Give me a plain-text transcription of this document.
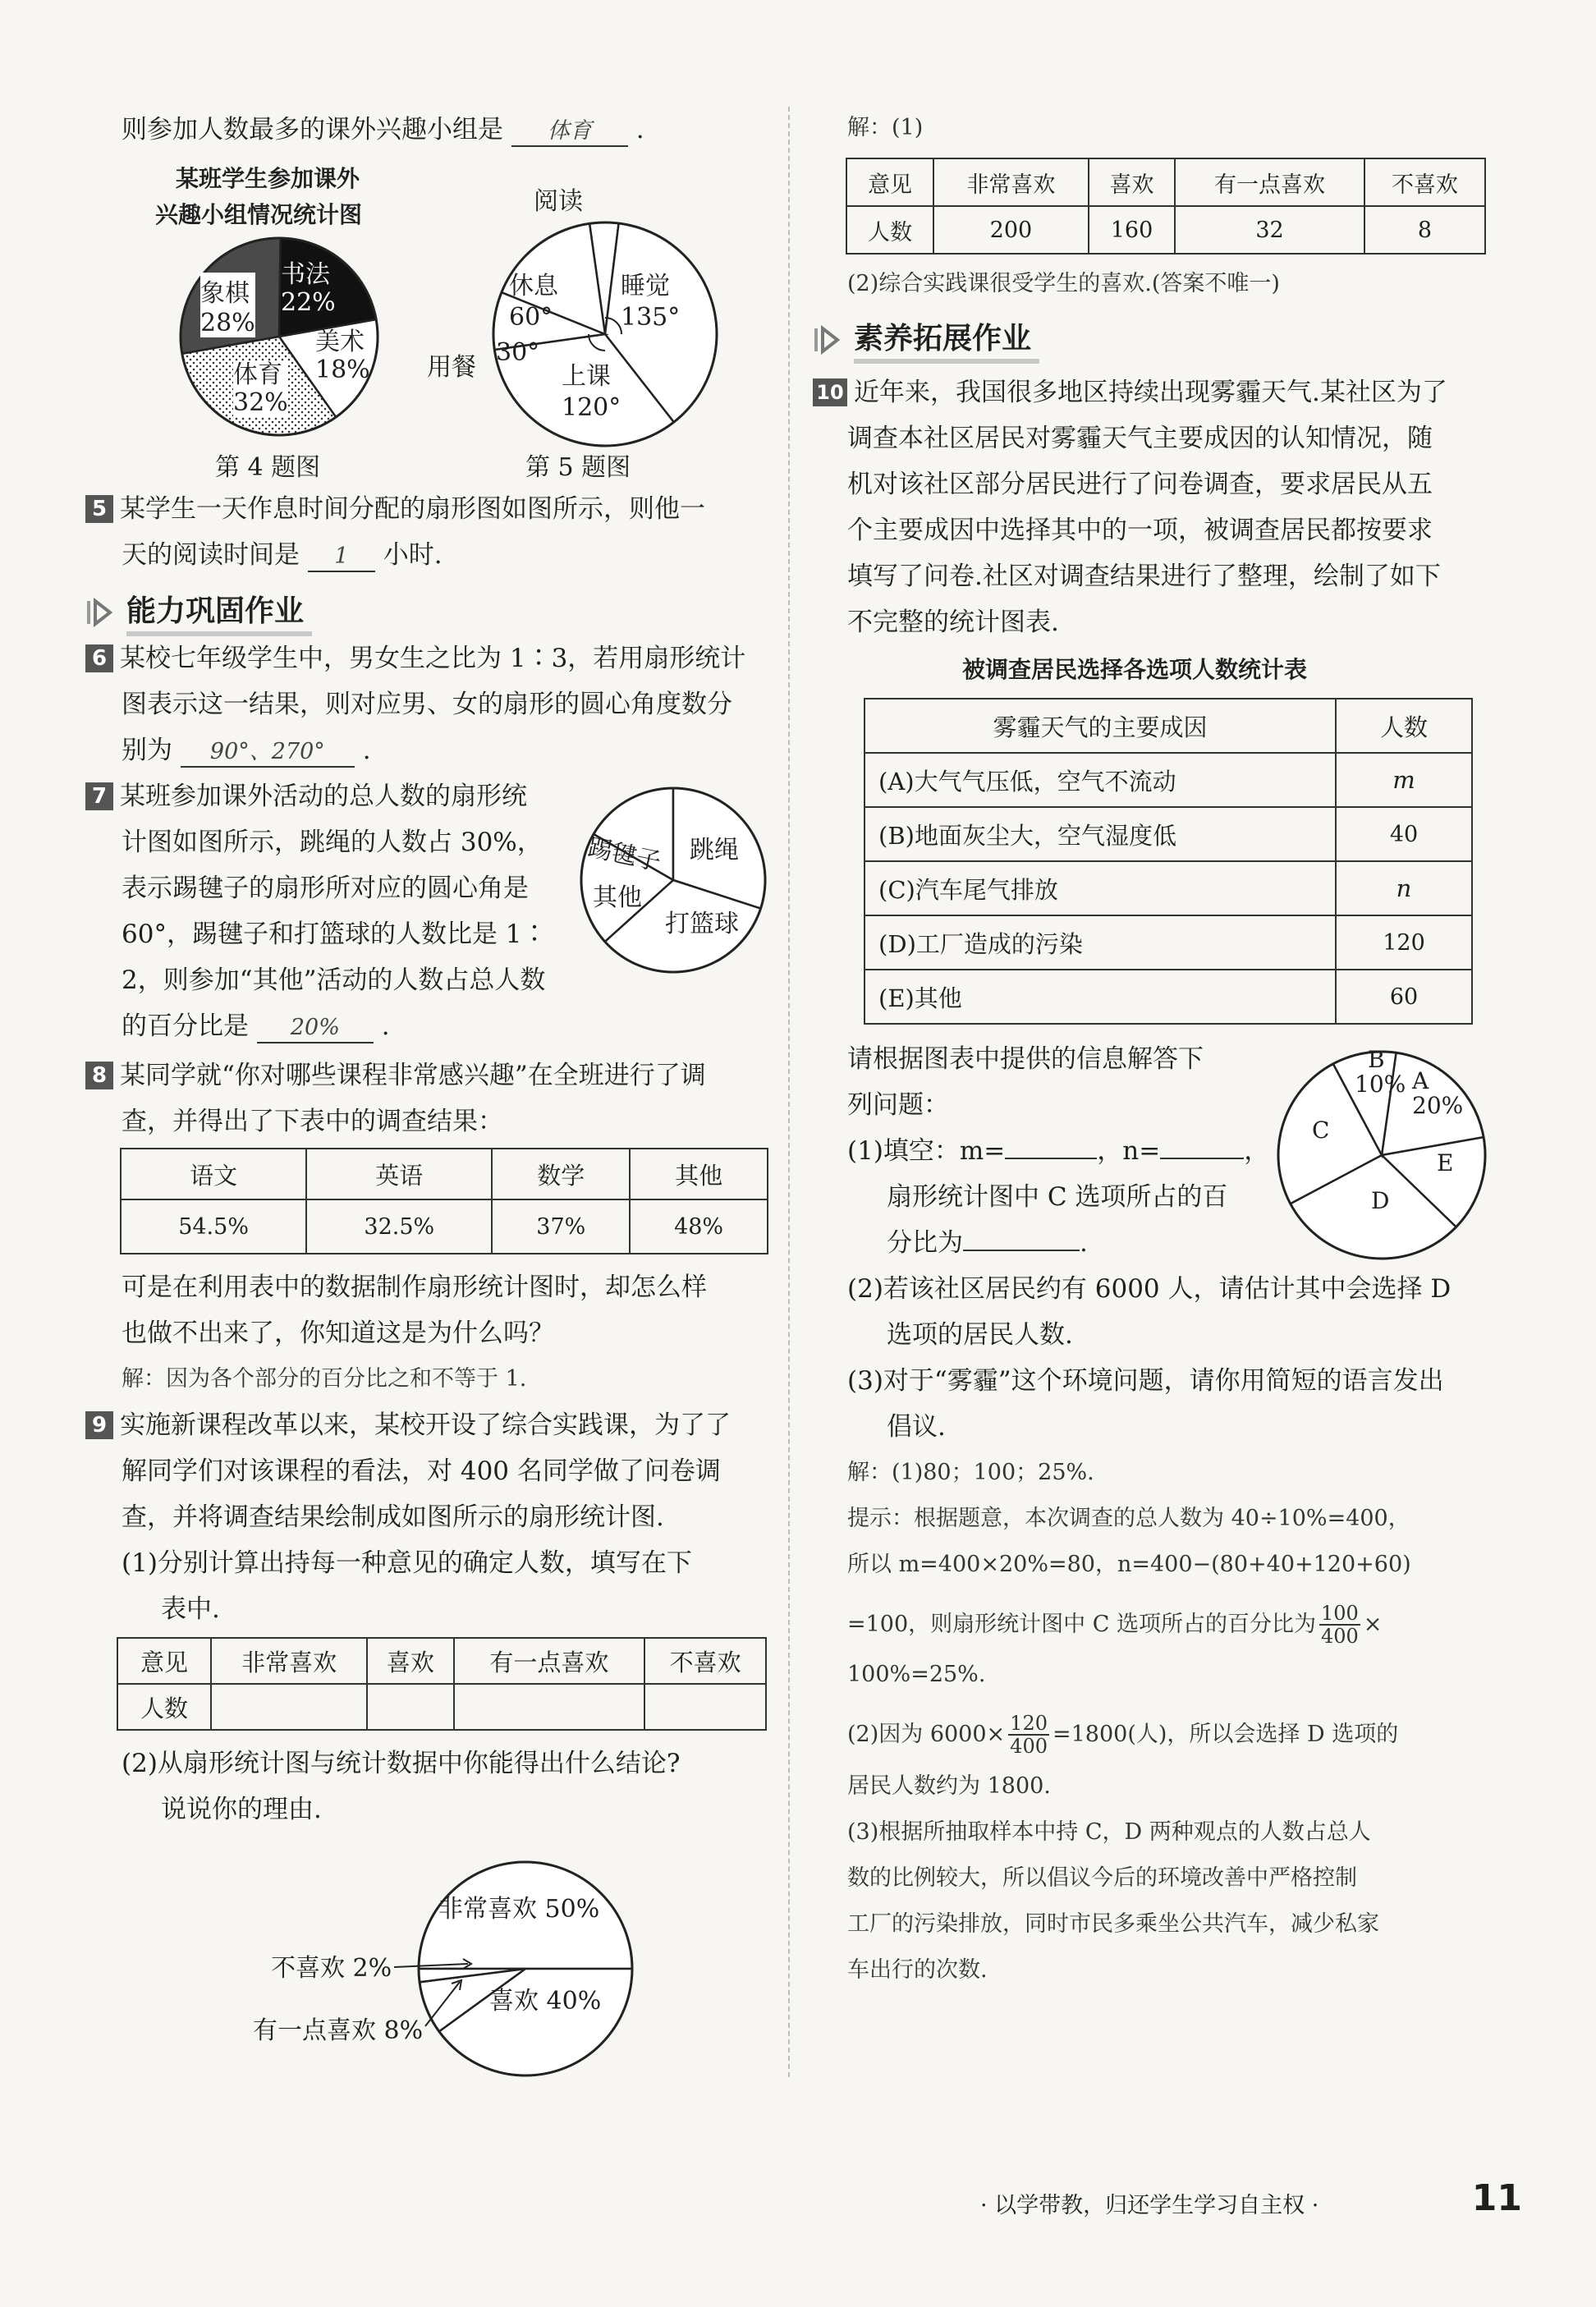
则参加人数最多的课外兴趣小组是 体育 .
某班学生参加课外
兴趣小组情况统计图
象棋
28%
书法
22%
美术
18%
体育
32%
第 4 题图
阅读
睡觉
135°
上课
120°
用餐
30°
休息
60°
第 5 题图
5 某学生一天作息时间分配的扇形图如图所示，则他一
天的阅读时间是 1 小时.
能力巩固作业
6 某校七年级学生中，男女生之比为 1∶3，若用扇形统计
图表示这一结果，则对应男、女的扇形的圆心角度数分
别为 90°、270° .
7 某班参加课外活动的总人数的扇形统
计图如图所示，跳绳的人数占 30%，
表示踢毽子的扇形所对应的圆心角是
60°，踢毽子和打篮球的人数比是 1∶
2，则参加“其他”活动的人数占总人数
的百分比是 20% .
踢毽子 跳绳
打篮球
其他
8 某同学就“你对哪些课程非常感兴趣”在全班进行了调
查，并得出了下表中的调查结果：
语文	英语	数学	其他
54.5%	32.5%	37%	48%
可是在利用表中的数据制作扇形统计图时，却怎么样
也做不出来了，你知道这是为什么吗？
解：因为各个部分的百分比之和不等于 1.
9 实施新课程改革以来，某校开设了综合实践课，为了了
解同学们对该课程的看法，对 400 名同学做了问卷调
查，并将调查结果绘制成如图所示的扇形统计图.
(1)分别计算出持每一种意见的确定人数，填写在下
表中.
意见	非常喜欢	喜欢	有一点喜欢	不喜欢
人数				
(2)从扇形统计图与统计数据中你能得出什么结论?
说说你的理由.
非常喜欢 50%
喜欢 40%
不喜欢 2%
有一点喜欢 8%
解：(1)
意见	非常喜欢	喜欢	有一点喜欢	不喜欢
人数	200	160	32	8
(2)综合实践课很受学生的喜欢.(答案不唯一)
素养拓展作业
10 近年来，我国很多地区持续出现雾霾天气.某社区为了
调查本社区居民对雾霾天气主要成因的认知情况，随
机对该社区部分居民进行了问卷调查，要求居民从五
个主要成因中选择其中的一项，被调查居民都按要求
填写了问卷.社区对调查结果进行了整理，绘制了如下
不完整的统计图表.
被调查居民选择各选项人数统计表
雾霾天气的主要成因	人数
(A)大气气压低，空气不流动	m
(B)地面灰尘大，空气湿度低	40
(C)汽车尾气排放	n
(D)工厂造成的污染	120
(E)其他	60
请根据图表中提供的信息解答下
列问题：
(1)填空：m=	，n=	，
扇形统计图中 C 选项所占的百
分比为	.
B
10% A
20%
C
E
D
(2)若该社区居民约有 6000 人，请估计其中会选择 D
选项的居民人数.
(3)对于“雾霾”这个环境问题，请你用简短的语言发出
倡议.
解：(1)80；100；25%.
提示：根据题意，本次调查的总人数为 40÷10%=400，
所以 m=400×20%=80，n=400−(80+40+120+60)
=100，则扇形统计图中 C 选项所占的百分比为 $\frac{100}{400}$ ×
100%=25%.
(2)因为 $6000\times \frac{120}{400} =1800$(人)，所以会选择 D 选项的
居民人数约为 1800.
(3)根据所抽取样本中持 C，D 两种观点的人数占总人
数的比例较大，所以倡议今后的环境改善中严格控制
工厂的污染排放，同时市民多乘坐公共汽车，减少私家
车出行的次数.
· 以学带教，归还学生学习自主权 ·	11
